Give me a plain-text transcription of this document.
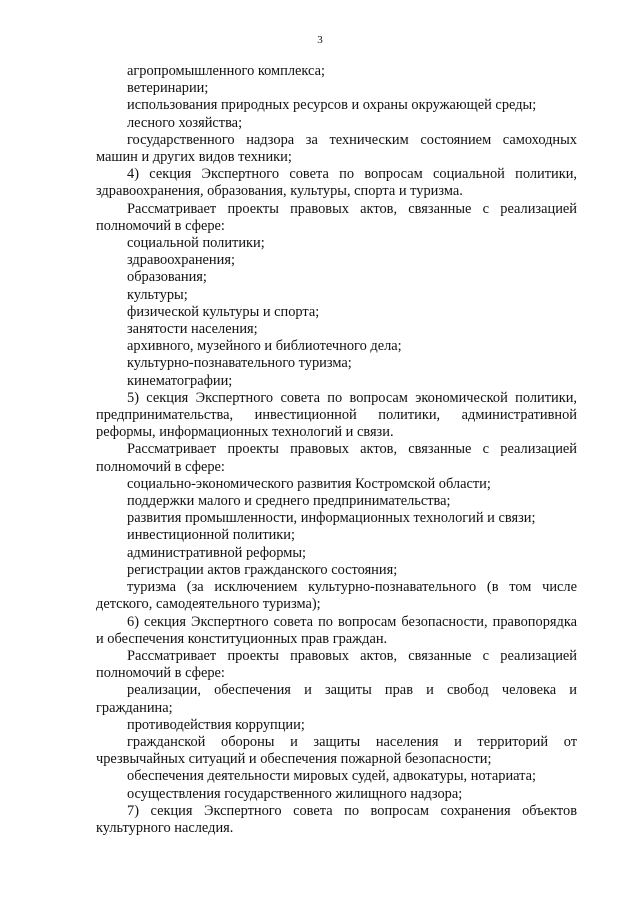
3

агропромышленного комплекса;

ветеринарии;

использования природных ресурсов и охраны окружающей среды;

лесного хозяйства;

государственного надзора за техническим состоянием самоходных машин и других видов техники;

4) секция Экспертного совета по вопросам социальной политики, здравоохранения, образования, культуры, спорта и туризма.

Рассматривает проекты правовых актов, связанные с реализацией полномочий в сфере:

социальной политики;

здравоохранения;

образования;

культуры;

физической культуры и спорта;

занятости населения;

архивного, музейного и библиотечного дела;

культурно-познавательного туризма;

кинематографии;

5) секция Экспертного совета по вопросам экономической политики, предпринимательства, инвестиционной политики, административной реформы, информационных технологий и связи.

Рассматривает проекты правовых актов, связанные с реализацией полномочий в сфере:

социально-экономического развития Костромской области;

поддержки малого и среднего предпринимательства;

развития промышленности, информационных технологий и связи;

инвестиционной политики;

административной реформы;

регистрации актов гражданского состояния;

туризма (за исключением культурно-познавательного (в том числе детского, самодеятельного туризма);

6) секция Экспертного совета по вопросам безопасности, правопорядка и обеспечения конституционных прав граждан.

Рассматривает проекты правовых актов, связанные с реализацией полномочий в сфере:

реализации, обеспечения и защиты прав и свобод человека и гражданина;

противодействия коррупции;

гражданской обороны и защиты населения и территорий от чрезвычайных ситуаций и обеспечения пожарной безопасности;

обеспечения деятельности мировых судей, адвокатуры, нотариата;

осуществления государственного жилищного надзора;

7) секция Экспертного совета по вопросам сохранения объектов культурного наследия.
